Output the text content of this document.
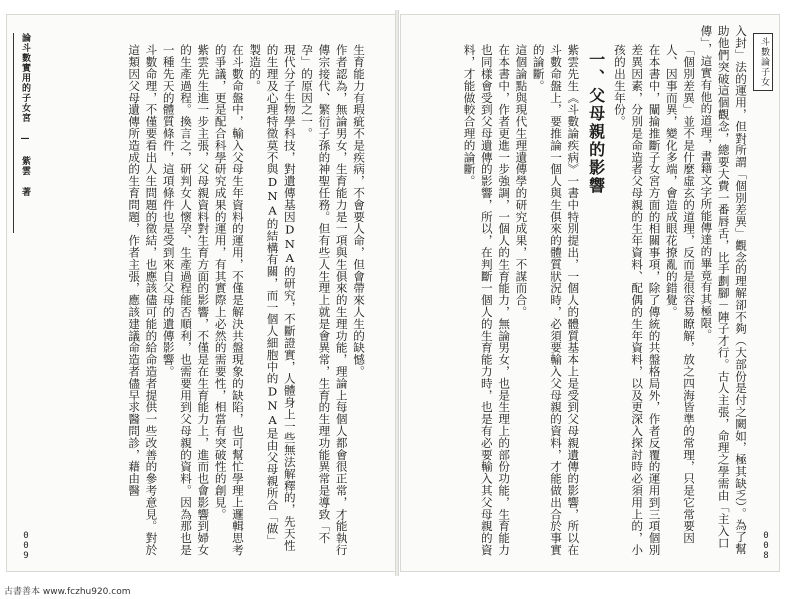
斗數論子女

入封」法的運用，但對所謂「個別差異」觀念的理解卻不夠（大部份是付之闕如，極其缺乏）。為了幫助他們突破這個觀念，總要大費一番唇舌，比手劃腳－陣子才行。古人主張，命理之學需由「主入口傳」，這實有他的道理，書籍文字所能傳達的畢竟有其極限。

「個別差異」並不是什麼虛玄的道理，反而是很容易瞭解，放之四海皆準的常理，只是它常要因人、因事而異，變化多端，會造成眼花撩亂的錯覺。

在本書中，闡掄推斷子女宮方面的相關事項，除了傳統的共盤格局外，作者反覆的運用到三項個別差異因素，分別是命造者父母親的生年資料、配偶的生年資料，以及更深入探討時必須用上的，小孩的出生年份。

一、父母親的影響

紫雲先生《斗數論疾病》一書中特別提出，一個人的體質基本上是受到父母親遺傳的影響，所以在斗數命盤上，要推論一個人與生俱來的體質狀況時，必須要輸入父母親的資料，才能做出合於事實的論斷。

這個論點與現代生理遺傳學的研究成果，不謀而合。

在本書中，作者更進一步強調，一個人的生育能力，無論男女，也是生理上的部份功能，生育能力也同樣會受到父母遺傳的影響，所以，在判斷一個人的生育能力時，也是有必要輸入其父母親的資料，才能做較合理的論斷。

008
論斗數實用的子女宮 — 紫雲 著	生育能力有瑕疵不是疾病，不會要人命，但會帶來人生的缺憾。

作者認為，無論男女，生育能力是一項與生俱來的生理功能，理論上每個人都會很正常，才能執行傳宗接代、繁衍子孫的神聖任務。但有些人生理上就是會異常，生育的生理功能異常是導致「不孕」的原因之一。

現代分子生物學科技，對遺傳基因DNA的研究，不斷證實，人體身上一些無法解釋的，先天性的生理及心理特徵莫不與DNA的結構有關，而一個人細胞中的DNA是由父母親所合「做」製造的。

在斗數命盤中，輸入父母生年資料的運用，不僅是解決共盤現象的缺陷，也可幫忙學理上邏輯思考的爭議，更是配合科學研究成果的運用，有其實際上必然的需要性，相當有突破性的創見。

紫雲先生進一步主張，父母親資料對生育方面的影響，不僅是在生育能力上，進而也會影響到婦女的生產過程。換言之，研判女人懷孕、生產過程能否順利，也需要用到父母親的資料。因為那也是一種先天的體質條件，這項條件也是受到來自父母的遺傳影響。

斗數命理，不僅要看出人生問題的徵結，也應該儘可能的給命造者提供一些改善的參考意見。對於這類因父母遺傳所造成的生育問題，作者主張，應該建議命造者儘早求醫問診，藉由醫

009
古書善本 www.fczhu920.com
